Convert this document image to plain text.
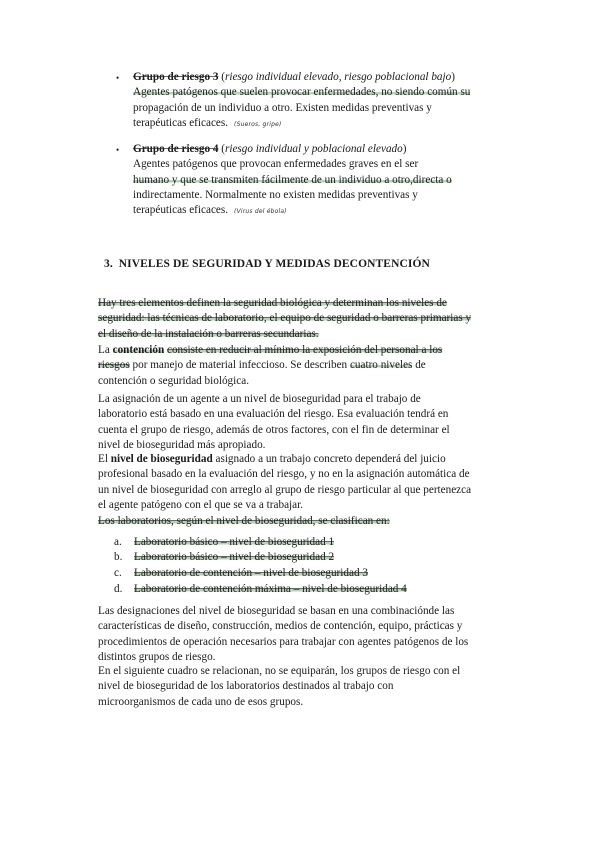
• Grupo de riesgo 3 (riesgo individual elevado, riesgo poblacional bajo)

Agentes patógenos que suelen provocar enfermedades, no siendo común su

propagación de un individuo a otro. Existen medidas preventivas y

terapéuticas eficaces. (Sueros, gripe)

• Grupo de riesgo 4 (riesgo individual y poblacional elevado)

Agentes patógenos que provocan enfermedades graves en el ser

humano y que se transmiten fácilmente de un individuo a otro,directa o

indirectamente. Normalmente no existen medidas preventivas y

terapéuticas eficaces. (Virus del ébola)

3. NIVELES DE SEGURIDAD Y MEDIDAS DECONTENCIÓN

Hay tres elementos definen la seguridad biológica y determinan los niveles de

seguridad: las técnicas de laboratorio, el equipo de seguridad o barreras primarias y

el diseño de la instalación o barreras secundarias.

La contención consiste en reducir al mínimo la exposición del personal a los

riesgos por manejo de material infeccioso. Se describen cuatro niveles de

contención o seguridad biológica.

La asignación de un agente a un nivel de bioseguridad para el trabajo de

laboratorio está basado en una evaluación del riesgo. Esa evaluación tendrá en

cuenta el grupo de riesgo, además de otros factores, con el fin de determinar el

nivel de bioseguridad más apropiado.

El nivel de bioseguridad asignado a un trabajo concreto dependerá del juicio

profesional basado en la evaluación del riesgo, y no en la asignación automática de

un nivel de bioseguridad con arreglo al grupo de riesgo particular al que pertenezca

el agente patógeno con el que se va a trabajar.

Los laboratorios, según el nivel de bioseguridad, se clasifican en:

a. Laboratorio básico – nivel de bioseguridad 1
b. Laboratorio básico – nivel de bioseguridad 2
c. Laboratorio de contención – nivel de bioseguridad 3
d. Laboratorio de contención máxima – nivel de bioseguridad 4

Las designaciones del nivel de bioseguridad se basan en una combinaciónde las

características de diseño, construcción, medios de contención, equipo, prácticas y

procedimientos de operación necesarios para trabajar con agentes patógenos de los

distintos grupos de riesgo.

En el siguiente cuadro se relacionan, no se equiparán, los grupos de riesgo con el

nivel de bioseguridad de los laboratorios destinados al trabajo con

microorganismos de cada uno de esos grupos.
